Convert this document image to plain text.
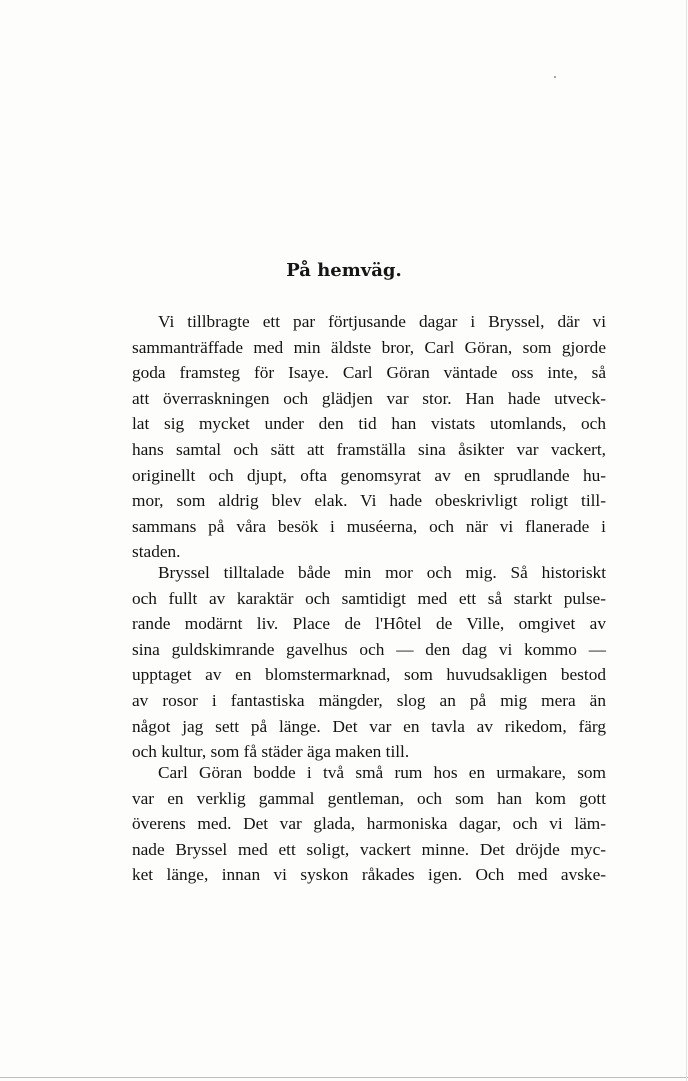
På hemväg.
Vi tillbragte ett par förtjusande dagar i Bryssel, där vi
sammanträffade med min äldste bror, Carl Göran, som gjorde
goda framsteg för Isaye. Carl Göran väntade oss inte, så
att överraskningen och glädjen var stor. Han hade utveck-
lat sig mycket under den tid han vistats utomlands, och
hans samtal och sätt att framställa sina åsikter var vackert,
originellt och djupt, ofta genomsyrat av en sprudlande hu-
mor, som aldrig blev elak. Vi hade obeskrivligt roligt till-
sammans på våra besök i muséerna, och när vi flanerade i
staden.
Bryssel tilltalade både min mor och mig. Så historiskt
och fullt av karaktär och samtidigt med ett så starkt pulse-
rande modärnt liv. Place de l'Hôtel de Ville, omgivet av
sina guldskimrande gavelhus och — den dag vi kommo —
upptaget av en blomstermarknad, som huvudsakligen bestod
av rosor i fantastiska mängder, slog an på mig mera än
något jag sett på länge. Det var en tavla av rikedom, färg
och kultur, som få städer äga maken till.
Carl Göran bodde i två små rum hos en urmakare, som
var en verklig gammal gentleman, och som han kom gott
överens med. Det var glada, harmoniska dagar, och vi läm-
nade Bryssel med ett soligt, vackert minne. Det dröjde myc-
ket länge, innan vi syskon råkades igen. Och med avske-
